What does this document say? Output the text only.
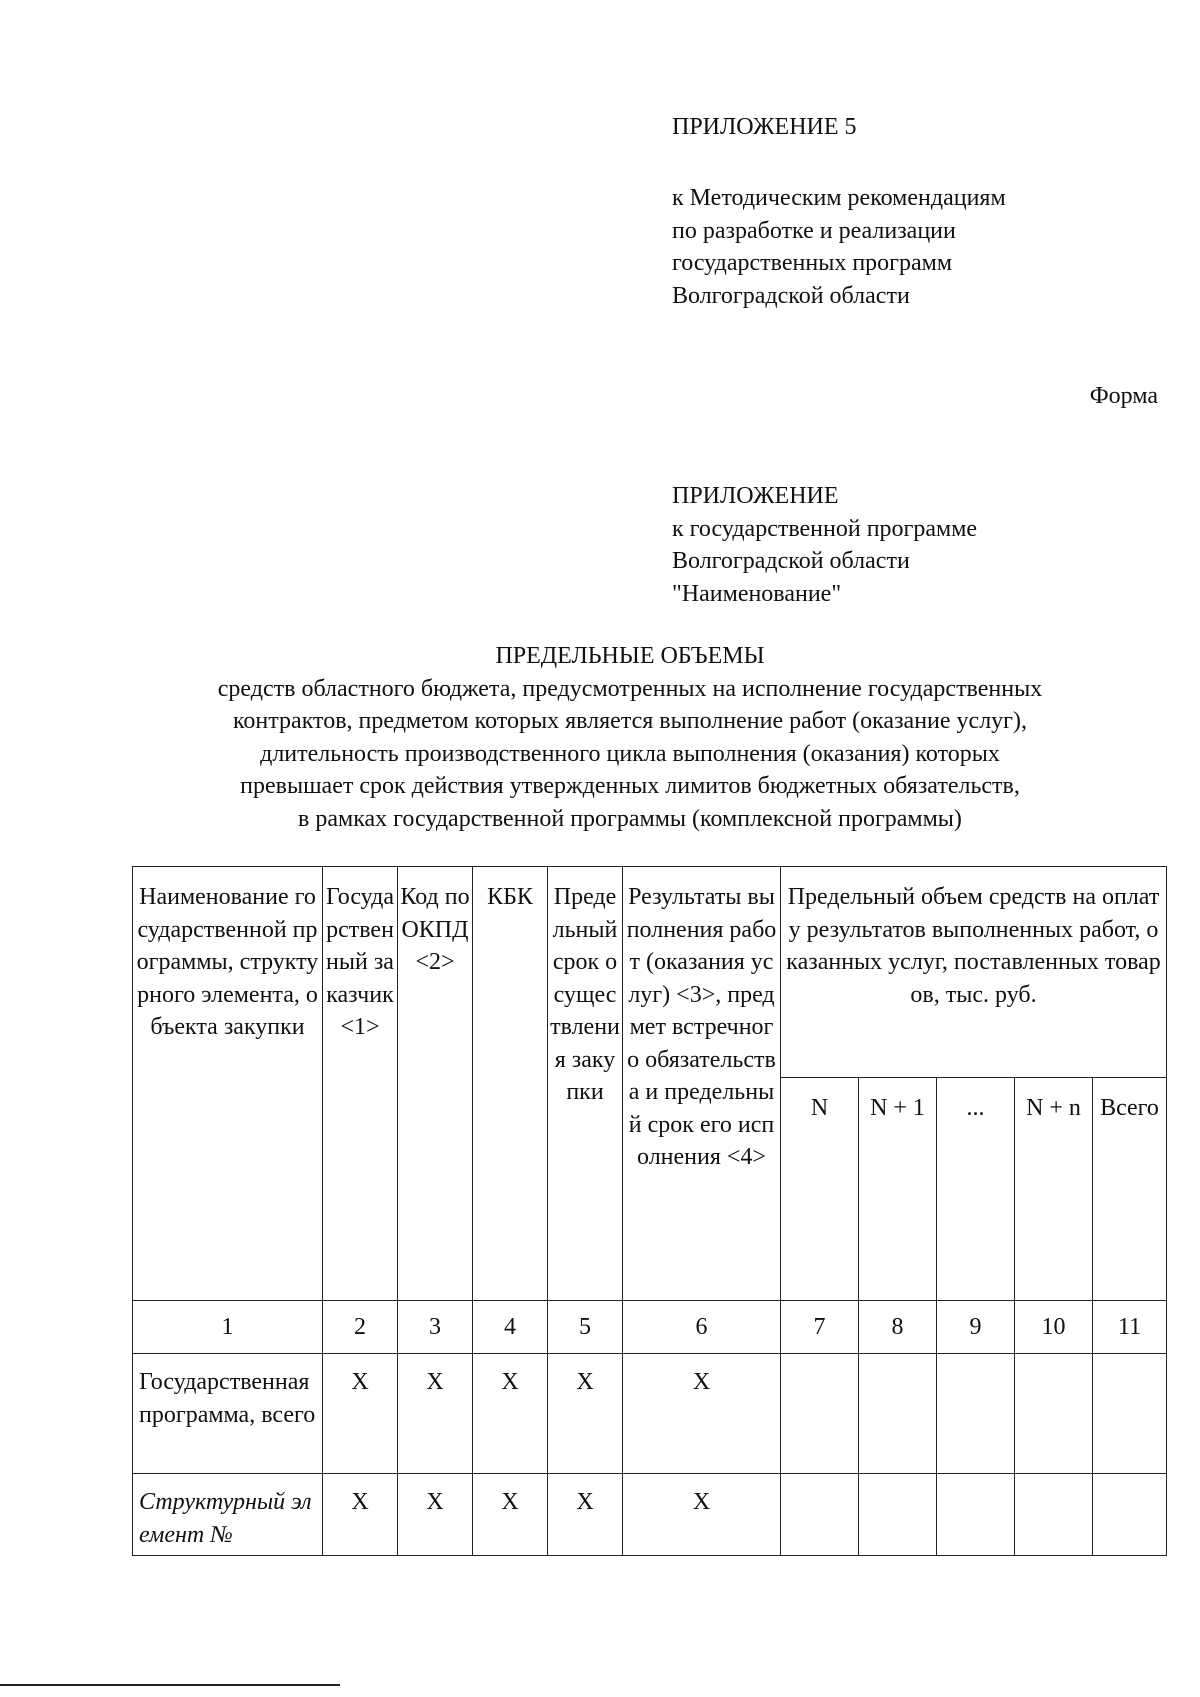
ПРИЛОЖЕНИЕ 5
к Методическим рекомендациям
по разработке и реализации
государственных программ
Волгоградской области
Форма
ПРИЛОЖЕНИЕ
к государственной программе
Волгоградской области
"Наименование"
ПРЕДЕЛЬНЫЕ ОБЪЕМЫ
средств областного бюджета, предусмотренных на исполнение государственных
контрактов, предметом которых является выполнение работ (оказание услуг),
длительность производственного цикла выполнения (оказания) которых
превышает срок действия утвержденных лимитов бюджетных обязательств,
в рамках государственной программы (комплексной программы)
Наименование государственной программы, структурного элемента, объекта закупки	Государственный заказчик <1>	Код по ОКПД <2>	КБК	Предельный срок осуществления закупки	Результаты выполнения работ (оказания услуг) <3>, предмет встречного обязательства и предельный срок его исполнения <4>	Предельный объем средств на оплату результатов выполненных работ, оказанных услуг, поставленных товаров, тыс. руб.				
						N	N + 1	...	N + n	Всего
1	2	3	4	5	6	7	8	9	10	11
Государственная программа, всего	X	X	X	X	X					
Структурный элемент №	X	X	X	X	X					
